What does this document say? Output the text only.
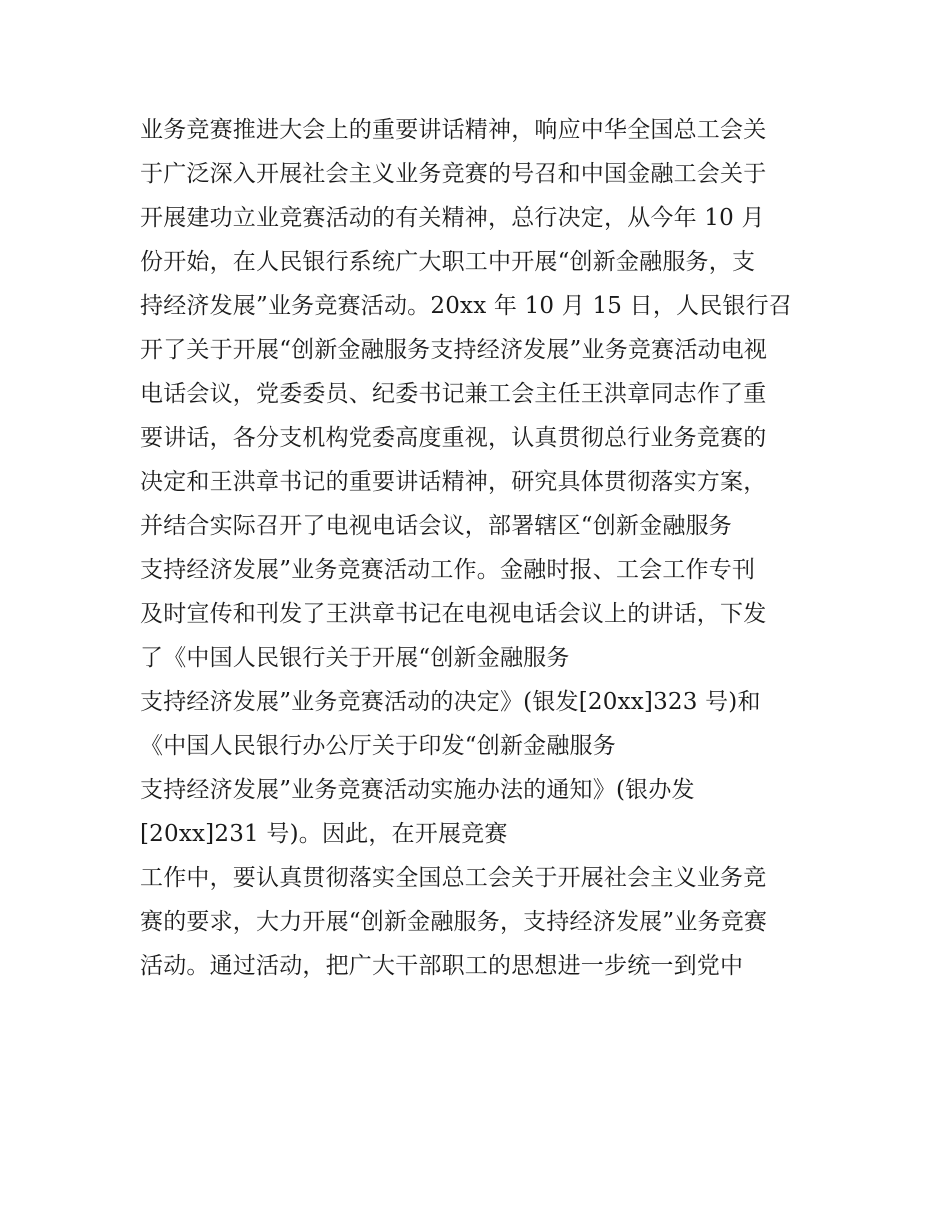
业务竞赛推进大会上的重要讲话精神，响应中华全国总工会关
于广泛深入开展社会主义业务竞赛的号召和中国金融工会关于
开展建功立业竞赛活动的有关精神，总行决定，从今年 10 月
份开始，在人民银行系统广大职工中开展“创新金融服务，支
持经济发展”业务竞赛活动。20xx 年 10 月 15 日，人民银行召
开了关于开展“创新金融服务支持经济发展”业务竞赛活动电视
电话会议，党委委员、纪委书记兼工会主任王洪章同志作了重
要讲话，各分支机构党委高度重视，认真贯彻总行业务竞赛的
决定和王洪章书记的重要讲话精神，研究具体贯彻落实方案，
并结合实际召开了电视电话会议，部署辖区“创新金融服务
支持经济发展”业务竞赛活动工作。金融时报、工会工作专刊
及时宣传和刊发了王洪章书记在电视电话会议上的讲话，下发
了《中国人民银行关于开展“创新金融服务
支持经济发展”业务竞赛活动的决定》(银发[20xx]323 号)和
《中国人民银行办公厅关于印发“创新金融服务
支持经济发展”业务竞赛活动实施办法的通知》(银办发
[20xx]231 号)。因此，在开展竞赛
工作中，要认真贯彻落实全国总工会关于开展社会主义业务竞
赛的要求，大力开展“创新金融服务，支持经济发展”业务竞赛
活动。通过活动，把广大干部职工的思想进一步统一到党中
